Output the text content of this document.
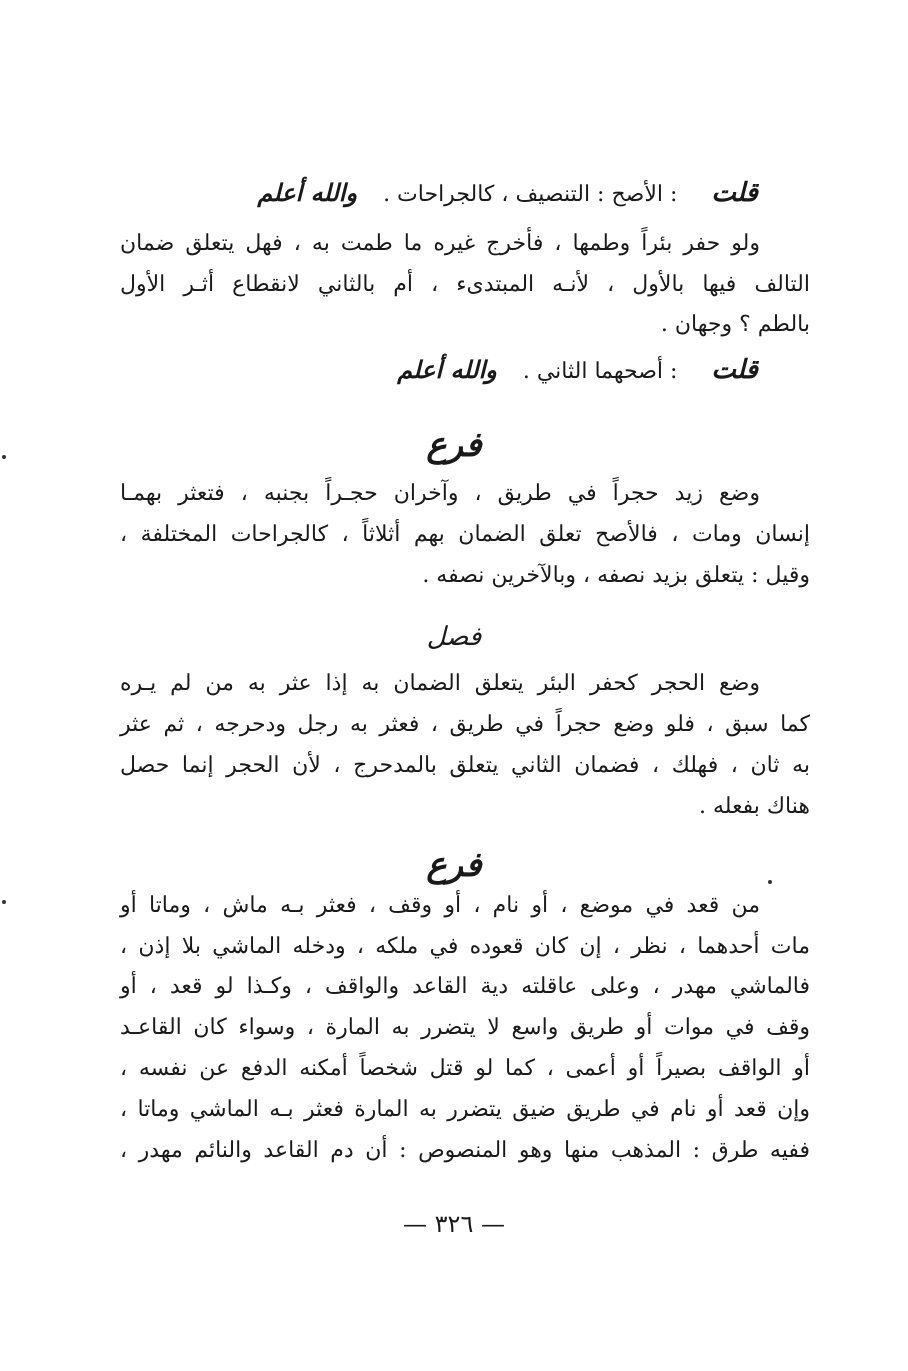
قلت: الأصح : التنصيف ، كالجراحات .والله أعلم
ولو حفر بئراً وطمها ، فأخرج غيره ما طمت به ، فهل يتعلق ضمان
التالف فيها بالأول ، لأنـه المبتدىء ، أم بالثاني لانقطاع أثـر الأول
بالطم ؟ وجهان .
قلت: أصحهما الثاني .والله أعلم
فرع
وضع زيد حجراً في طريق ، وآخران حجـراً بجنبه ، فتعثر بهمـا
إنسان ومات ، فالأصح تعلق الضمان بهم أثلاثاً ، كالجراحات المختلفة ،
وقيل : يتعلق بزيد نصفه ، وبالآخرين نصفه .
فصل
وضع الحجر كحفر البئر يتعلق الضمان به إذا عثر به من لم يـره
كما سبق ، فلو وضع حجراً في طريق ، فعثر به رجل ودحرجه ، ثم عثر
به ثان ، فهلك ، فضمان الثاني يتعلق بالمدحرج ، لأن الحجر إنما حصل
هناك بفعله .
فرع
من قعد في موضع ، أو نام ، أو وقف ، فعثر بـه ماش ، وماتا أو
مات أحدهما ، نظر ، إن كان قعوده في ملكه ، ودخله الماشي بلا إذن ،
فالماشي مهدر ، وعلى عاقلته دية القاعد والواقف ، وكـذا لو قعد ، أو
وقف في موات أو طريق واسع لا يتضرر به المارة ، وسواء كان القاعـد
أو الواقف بصيراً أو أعمى ، كما لو قتل شخصاً أمكنه الدفع عن نفسه ،
وإن قعد أو نام في طريق ضيق يتضرر به المارة فعثر بـه الماشي وماتا ،
ففيه طرق : المذهب منها وهو المنصوص : أن دم القاعد والنائم مهدر ،
— ٣٢٦ —
